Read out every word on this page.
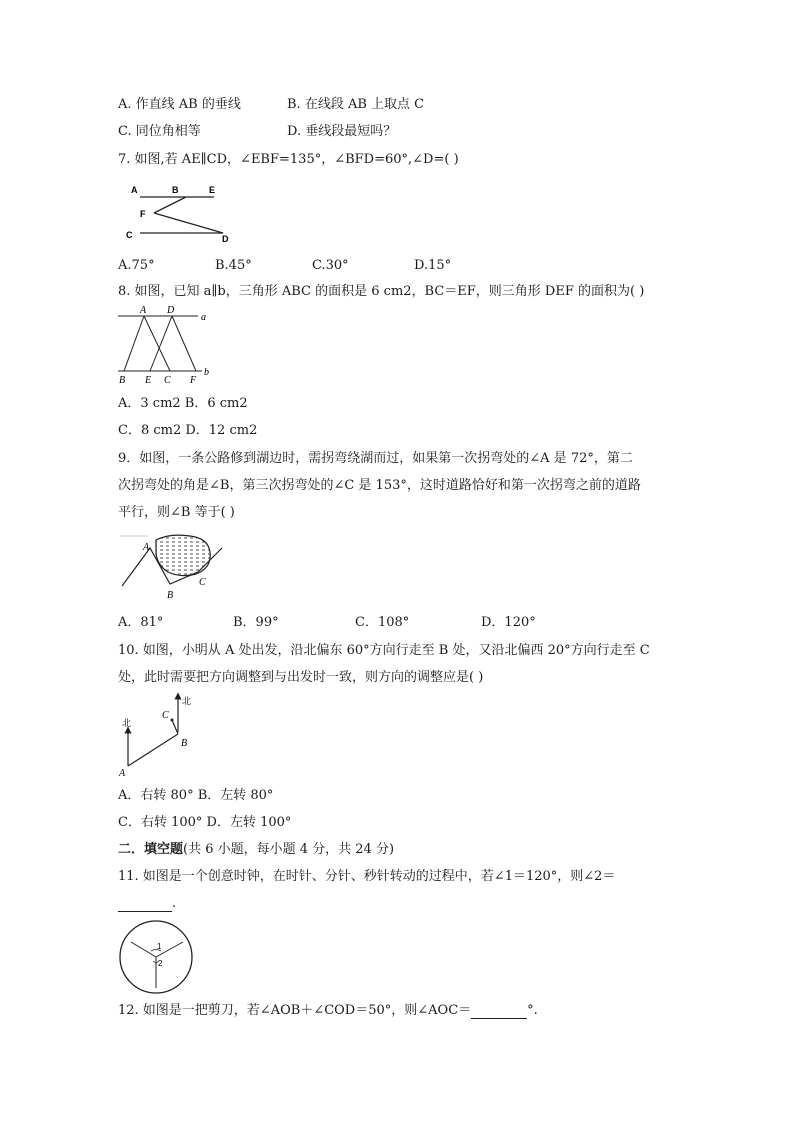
A. 作直线 AB 的垂线	B. 在线段 AB 上取点 C
C. 同位角相等	D. 垂线段最短吗？
7. 如图,若 AE∥CD，∠EBF=135°，∠BFD=60°,∠D=( )
A	B	E
F
C	D
A.75°	B.45°	C.30°	D.15°
8. 如图，已知 a∥b，三角形 ABC 的面积是 6 cm2，BC＝EF，则三角形 DEF 的面积为( )
A D
a
B E C F
b
A．3 cm2 B．6 cm2
C．8 cm2 D．12 cm2
9．如图，一条公路修到湖边时，需拐弯绕湖而过，如果第一次拐弯处的∠A 是 72°，第二
次拐弯处的角是∠B，第三次拐弯处的∠C 是 153°，这时道路恰好和第一次拐弯之前的道路
平行，则∠B 等于( )
A
B
C
A．81°	B．99°	C．108°	D．120°
10. 如图，小明从 A 处出发，沿北偏东 60°方向行走至 B 处，又沿北偏西 20°方向行走至 C
处，此时需要把方向调整到与出发时一致，则方向的调整应是( )
北
北
A
B
C
A．右转 80° B．左转 80°
C．右转 100° D．左转 100°
二．填空题(共 6 小题，每小题 4 分，共 24 分)
11. 如图是一个创意时钟，在时针、分针、秒针转动的过程中，若∠1＝120°，则∠2＝
.
1
2
12. 如图是一把剪刀，若∠AOB＋∠COD＝50°，则∠AOC＝	°.
